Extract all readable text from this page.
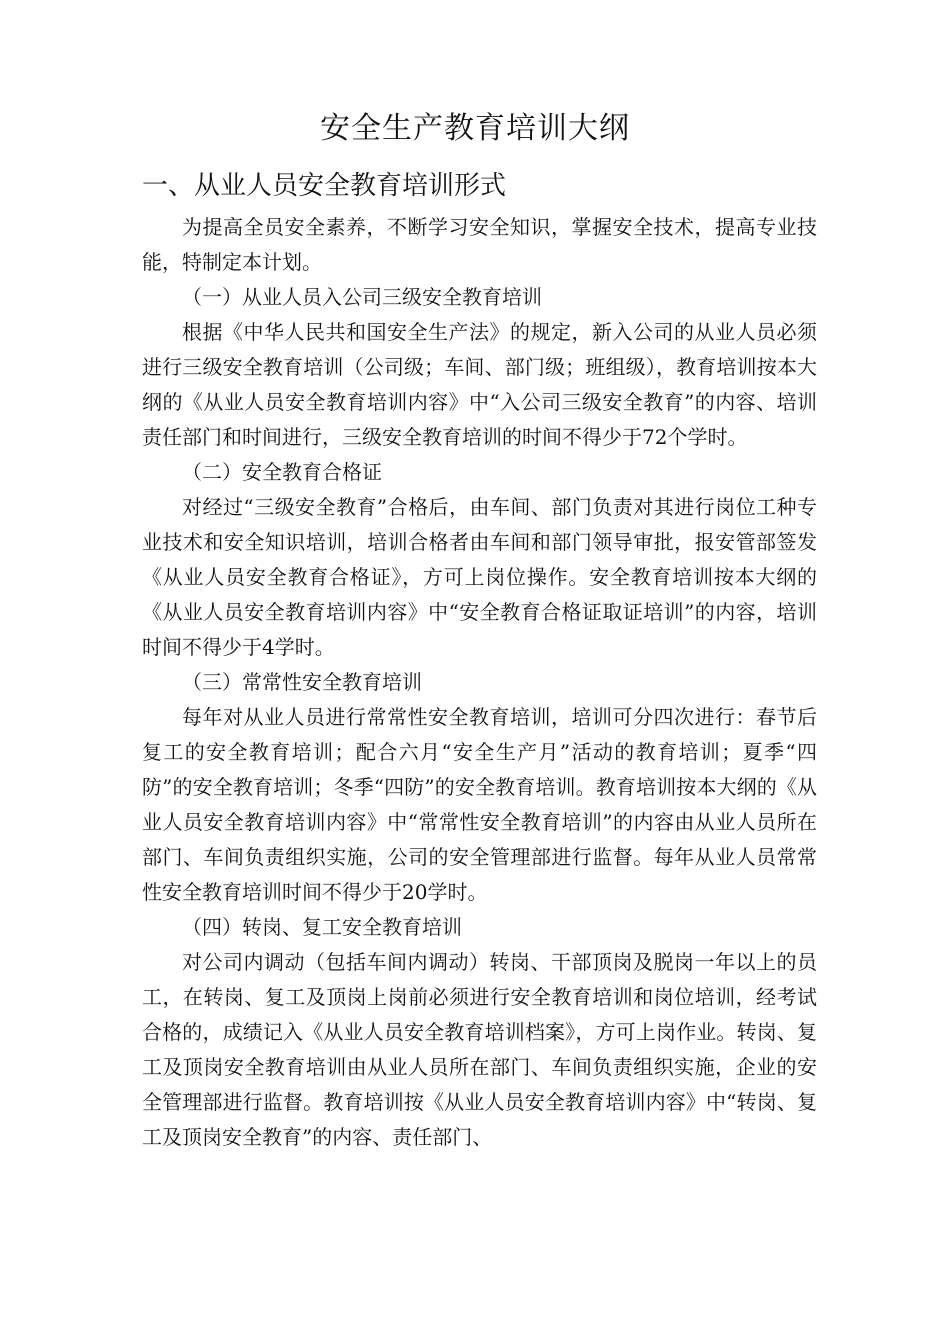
安全生产教育培训大纲
一、从业人员安全教育培训形式

为提高全员安全素养，不断学习安全知识，掌握安全技术，提高专业技能，特制定本计划。

（一）从业人员入公司三级安全教育培训

根据《中华人民共和国安全生产法》的规定，新入公司的从业人员必须进行三级安全教育培训（公司级；车间、部门级；班组级），教育培训按本大纲的《从业人员安全教育培训内容》中“入公司三级安全教育”的内容、培训责任部门和时间进行，三级安全教育培训的时间不得少于72个学时。

（二）安全教育合格证

对经过“三级安全教育”合格后，由车间、部门负责对其进行岗位工种专业技术和安全知识培训，培训合格者由车间和部门领导审批，报安管部签发《从业人员安全教育合格证》，方可上岗位操作。安全教育培训按本大纲的《从业人员安全教育培训内容》中“安全教育合格证取证培训”的内容，培训时间不得少于4学时。

（三）常常性安全教育培训

每年对从业人员进行常常性安全教育培训，培训可分四次进行：春节后复工的安全教育培训；配合六月“安全生产月”活动的教育培训；夏季“四防”的安全教育培训；冬季“四防”的安全教育培训。教育培训按本大纲的《从业人员安全教育培训内容》中“常常性安全教育培训”的内容由从业人员所在部门、车间负责组织实施，公司的安全管理部进行监督。每年从业人员常常性安全教育培训时间不得少于20学时。

（四）转岗、复工安全教育培训

对公司内调动（包括车间内调动）转岗、干部顶岗及脱岗一年以上的员工，在转岗、复工及顶岗上岗前必须进行安全教育培训和岗位培训，经考试合格的，成绩记入《从业人员安全教育培训档案》，方可上岗作业。转岗、复工及顶岗安全教育培训由从业人员所在部门、车间负责组织实施，企业的安全管理部进行监督。教育培训按《从业人员安全教育培训内容》中“转岗、复工及顶岗安全教育”的内容、责任部门、
